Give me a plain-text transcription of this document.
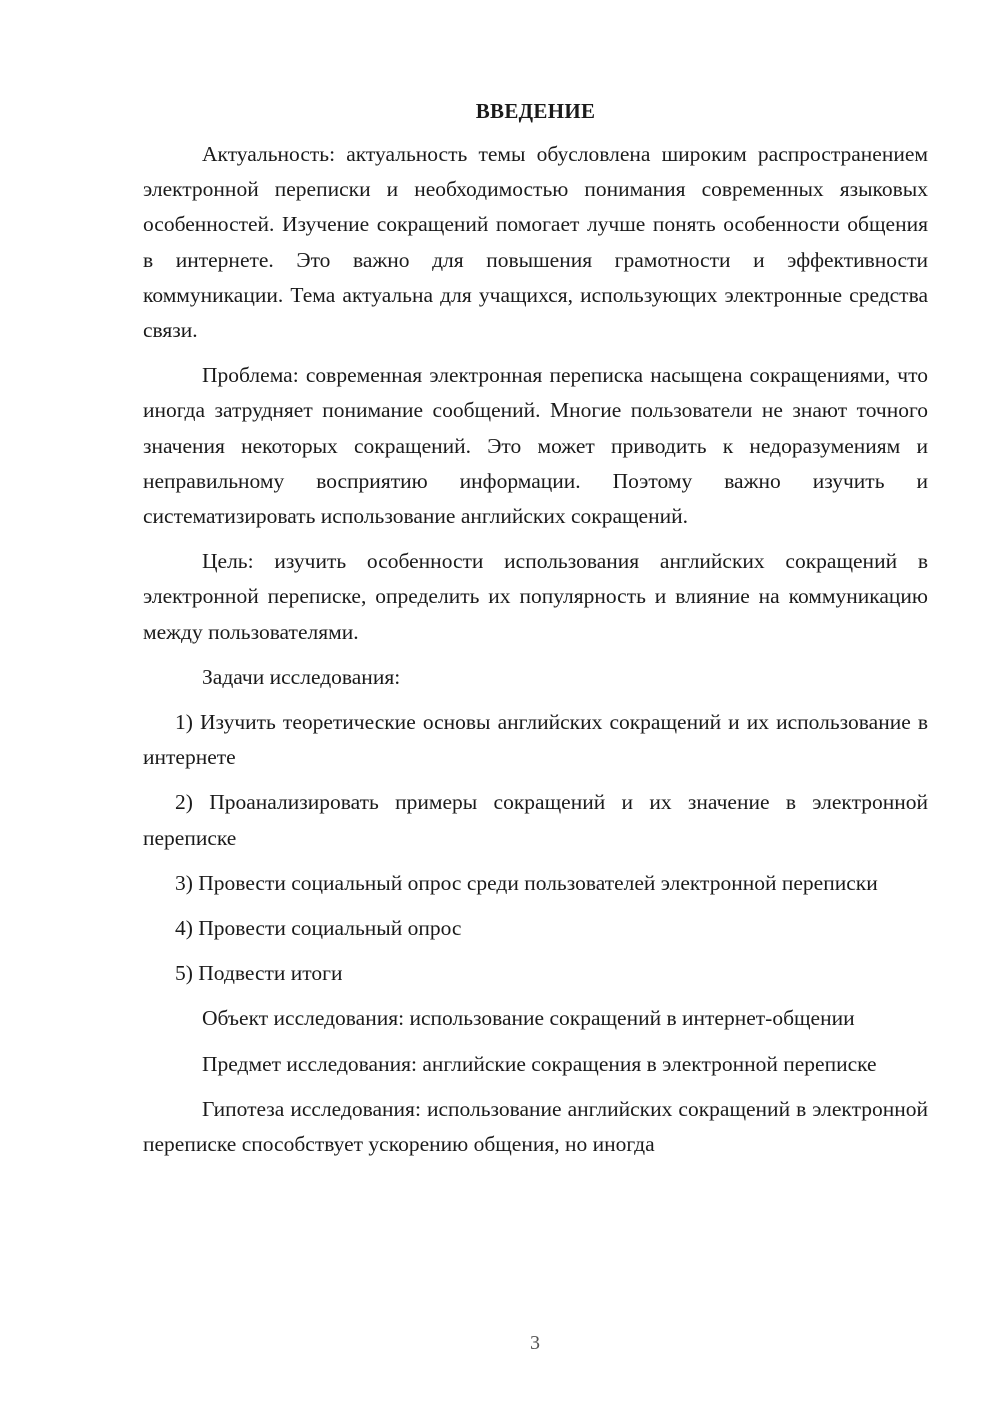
ВВЕДЕНИЕ

Актуальность: актуальность темы обусловлена широким распространением электронной переписки и необходимостью понимания современных языковых особенностей. Изучение сокращений помогает лучше понять особенности общения в интернете. Это важно для повышения грамотности и эффективности коммуникации. Тема актуальна для учащихся, использующих электронные средства связи.

Проблема: современная электронная переписка насыщена сокращениями, что иногда затрудняет понимание сообщений. Многие пользователи не знают точного значения некоторых сокращений. Это может приводить к недоразумениям и неправильному восприятию информации. Поэтому важно изучить и систематизировать использование английских сокращений.

Цель: изучить особенности использования английских сокращений в электронной переписке, определить их популярность и влияние на коммуникацию между пользователями.

Задачи исследования:

1) Изучить теоретические основы английских сокращений и их использование в интернете

2) Проанализировать примеры сокращений и их значение в электронной переписке

3) Провести социальный опрос среди пользователей электронной переписки

4) Провести социальный опрос

5) Подвести итоги

Объект исследования: использование сокращений в интернет-общении

Предмет исследования: английские сокращения в электронной переписке

Гипотеза исследования: использование английских сокращений в электронной переписке способствует ускорению общения, но иногда

3
